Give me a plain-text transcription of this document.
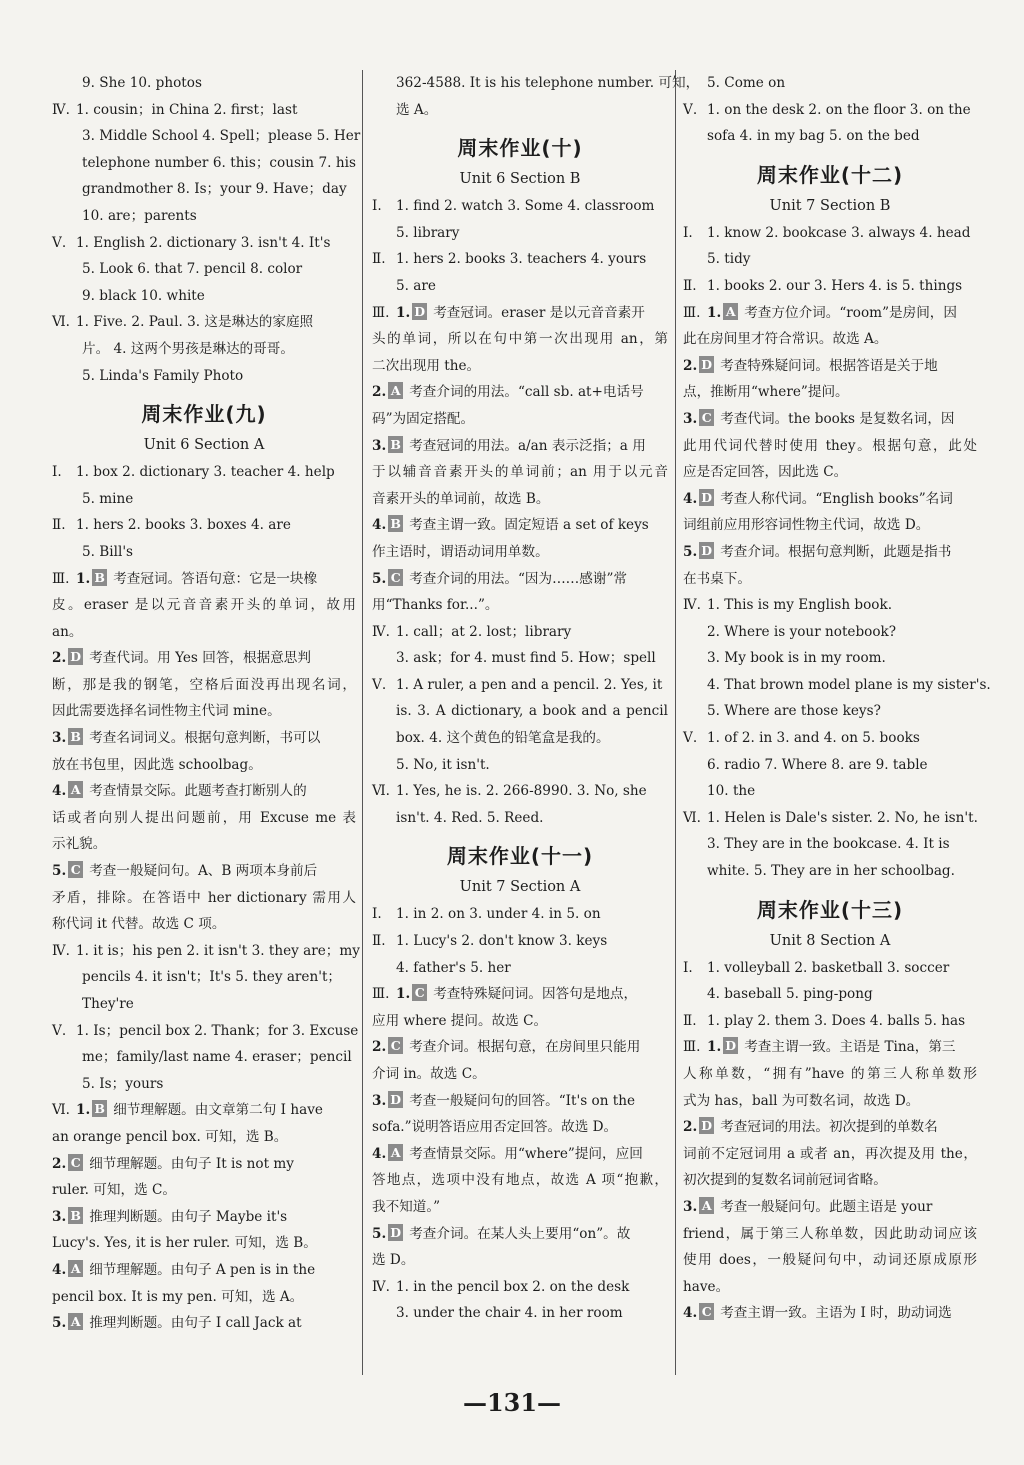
9. She 10. photos
Ⅳ. 1. cousin；in China 2. first；last
3. Middle School 4. Spell；please 5. Her
telephone number 6. this；cousin 7. his
grandmother 8. Is；your 9. Have；day
10. are；parents
Ⅴ. 1. English 2. dictionary 3. isn't 4. It's
5. Look 6. that 7. pencil 8. color
9. black 10. white
Ⅵ. 1. Five. 2. Paul. 3. 这是琳达的家庭照
片。 4. 这两个男孩是琳达的哥哥。
5. Linda's Family Photo
周末作业(九)
Unit 6 Section A
Ⅰ. 1. box 2. dictionary 3. teacher 4. help
5. mine
Ⅱ. 1. hers 2. books 3. boxes 4. are
5. Bill's
Ⅲ. 1. B 考查冠词。答语句意：它是一块橡
皮。eraser 是以元音音素开头的单词，故用
an。
2. D 考查代词。用 Yes 回答，根据意思判
断，那是我的钢笔，空格后面没再出现名词，
因此需要选择名词性物主代词 mine。
3. B 考查名词词义。根据句意判断，书可以
放在书包里，因此选 schoolbag。
4. A 考查情景交际。此题考查打断别人的
话或者向别人提出问题前，用 Excuse me 表
示礼貌。
5. C 考查一般疑问句。A、B 两项本身前后
矛盾，排除。在答语中 her dictionary 需用人
称代词 it 代替。故选 C 项。
Ⅳ. 1. it is；his pen 2. it isn't 3. they are；my
pencils 4. it isn't；It's 5. they aren't；
They're
Ⅴ. 1. Is；pencil box 2. Thank；for 3. Excuse
me；family/last name 4. eraser；pencil
5. Is；yours
Ⅵ. 1. B 细节理解题。由文章第二句 I have
an orange pencil box. 可知，选 B。
2. C 细节理解题。由句子 It is not my
ruler. 可知，选 C。
3. B 推理判断题。由句子 Maybe it's
Lucy's. Yes, it is her ruler. 可知，选 B。
4. A 细节理解题。由句子 A pen is in the
pencil box. It is my pen. 可知，选 A。
5. A 推理判断题。由句子 I call Jack at
362-4588. It is his telephone number. 可知，
选 A。
周末作业(十)
Unit 6 Section B
Ⅰ. 1. find 2. watch 3. Some 4. classroom
5. library
Ⅱ. 1. hers 2. books 3. teachers 4. yours
5. are
Ⅲ. 1. D 考查冠词。eraser 是以元音音素开
头的单词，所以在句中第一次出现用 an，第
二次出现用 the。
2. A 考查介词的用法。“call sb. at+电话号
码”为固定搭配。
3. B 考查冠词的用法。a/an 表示泛指；a 用
于以辅音音素开头的单词前；an 用于以元音
音素开头的单词前，故选 B。
4. B 考查主谓一致。固定短语 a set of keys
作主语时，谓语动词用单数。
5. C 考查介词的用法。“因为……感谢”常
用“Thanks for...”。
Ⅳ. 1. call；at 2. lost；library
3. ask；for 4. must find 5. How；spell
Ⅴ. 1. A ruler, a pen and a pencil. 2. Yes, it
is. 3. A dictionary, a book and a pencil
box. 4. 这个黄色的铅笔盒是我的。
5. No, it isn't.
Ⅵ. 1. Yes, he is. 2. 266-8990. 3. No, she
isn't. 4. Red. 5. Reed.
周末作业(十一)
Unit 7 Section A
Ⅰ. 1. in 2. on 3. under 4. in 5. on
Ⅱ. 1. Lucy's 2. don't know 3. keys
4. father's 5. her
Ⅲ. 1. C 考查特殊疑问词。因答句是地点，
应用 where 提问。故选 C。
2. C 考查介词。根据句意，在房间里只能用
介词 in。故选 C。
3. D 考查一般疑问句的回答。“It's on the
sofa.”说明答语应用否定回答。故选 D。
4. A 考查情景交际。用“where”提问，应回
答地点，选项中没有地点，故选 A 项“抱歉，
我不知道。”
5. D 考查介词。在某人头上要用“on”。故
选 D。
Ⅳ. 1. in the pencil box 2. on the desk
3. under the chair 4. in her room
5. Come on
Ⅴ. 1. on the desk 2. on the floor 3. on the
sofa 4. in my bag 5. on the bed
周末作业(十二)
Unit 7 Section B
Ⅰ. 1. know 2. bookcase 3. always 4. head
5. tidy
Ⅱ. 1. books 2. our 3. Hers 4. is 5. things
Ⅲ. 1. A 考查方位介词。“room”是房间，因
此在房间里才符合常识。故选 A。
2. D 考查特殊疑问词。根据答语是关于地
点，推断用“where”提问。
3. C 考查代词。the books 是复数名词，因
此用代词代替时使用 they。根据句意，此处
应是否定回答，因此选 C。
4. D 考查人称代词。“English books”名词
词组前应用形容词性物主代词，故选 D。
5. D 考查介词。根据句意判断，此题是指书
在书桌下。
Ⅳ. 1. This is my English book.
2. Where is your notebook?
3. My book is in my room.
4. That brown model plane is my sister's.
5. Where are those keys?
Ⅴ. 1. of 2. in 3. and 4. on 5. books
6. radio 7. Where 8. are 9. table
10. the
Ⅵ. 1. Helen is Dale's sister. 2. No, he isn't.
3. They are in the bookcase. 4. It is
white. 5. They are in her schoolbag.
周末作业(十三)
Unit 8 Section A
Ⅰ. 1. volleyball 2. basketball 3. soccer
4. baseball 5. ping-pong
Ⅱ. 1. play 2. them 3. Does 4. balls 5. has
Ⅲ. 1. D 考查主谓一致。主语是 Tina，第三
人称单数，“拥有”have 的第三人称单数形
式为 has，ball 为可数名词，故选 D。
2. D 考查冠词的用法。初次提到的单数名
词前不定冠词用 a 或者 an，再次提及用 the，
初次提到的复数名词前冠词省略。
3. A 考查一般疑问句。此题主语是 your
friend，属于第三人称单数，因此助动词应该
使用 does，一般疑问句中，动词还原成原形
have。
4. C 考查主谓一致。主语为 I 时，助动词选
—131—
